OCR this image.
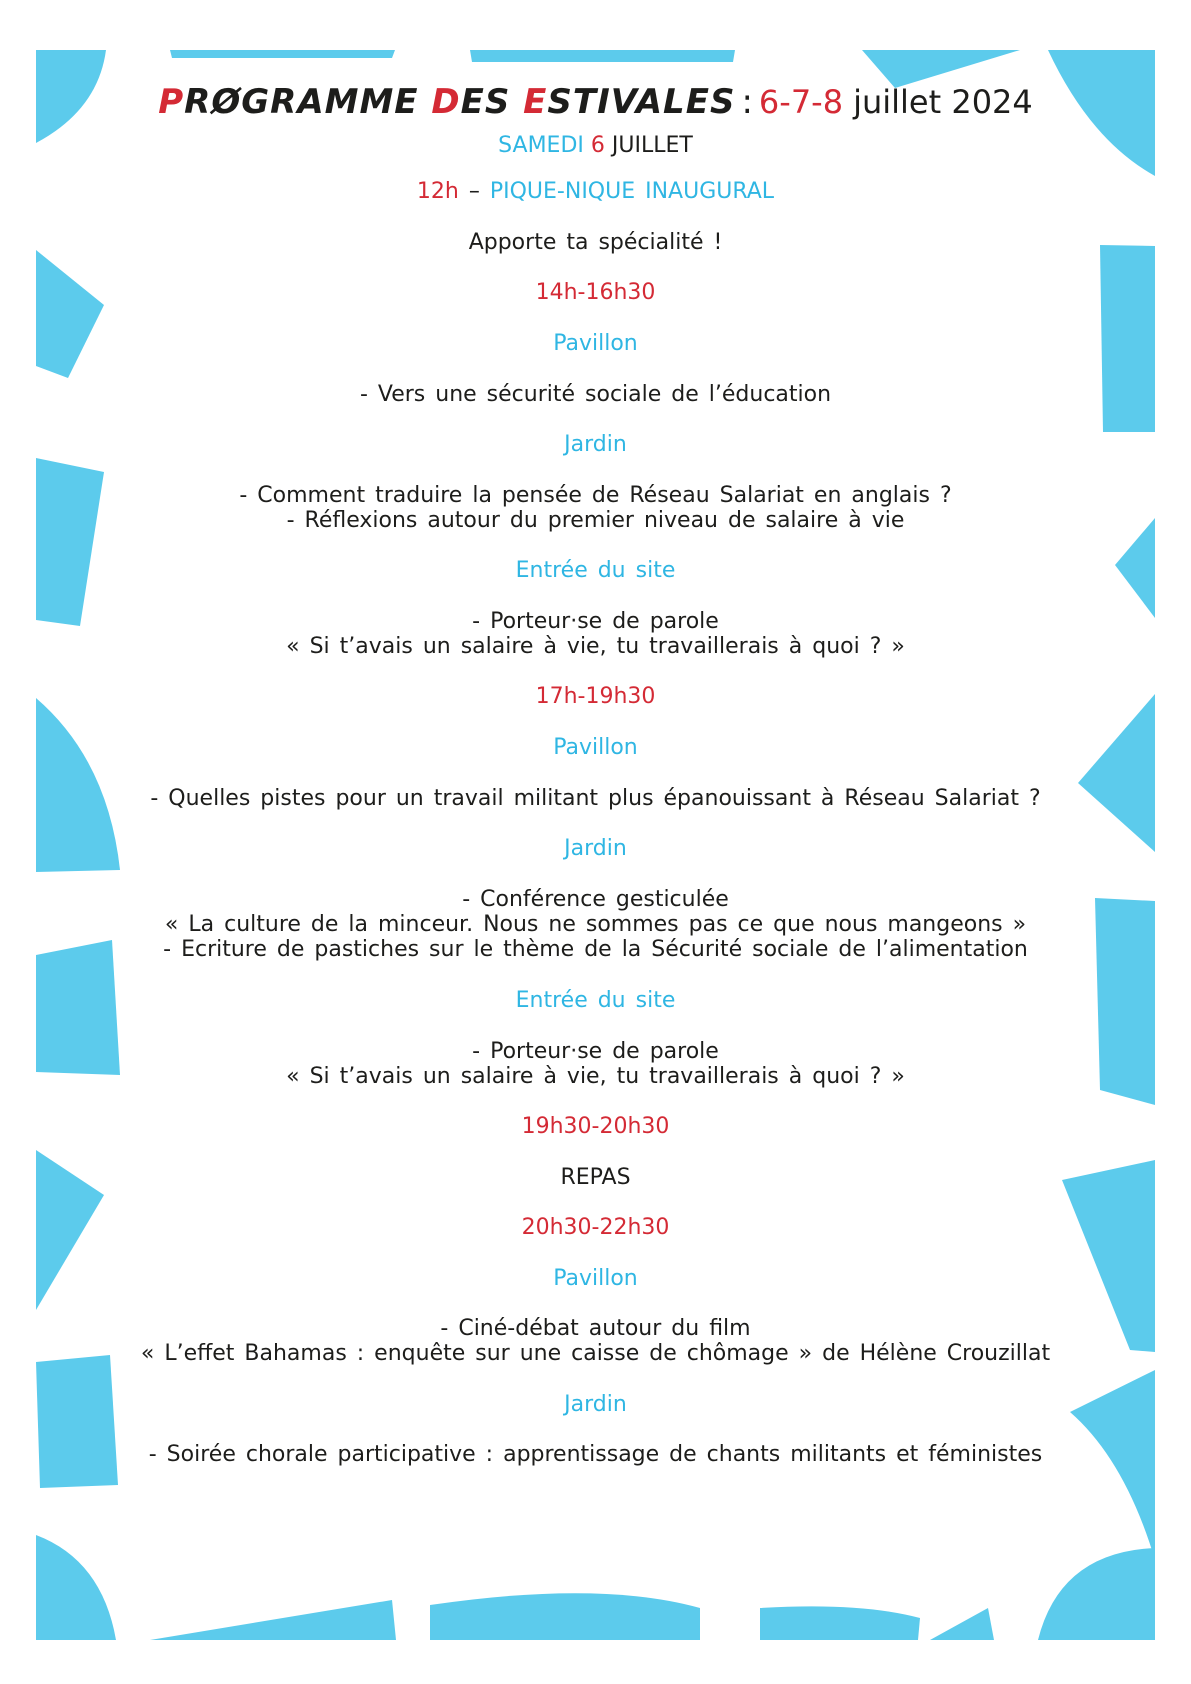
PRØGRAMME DES ESTIVALES : 6-7-8 juillet 2024
SAMEDI 6 JUILLET
12h – PIQUE-NIQUE INAUGURAL
Apporte ta spécialité !
14h-16h30
Pavillon
- Vers une sécurité sociale de l’éducation
Jardin
- Comment traduire la pensée de Réseau Salariat en anglais ?
- Réflexions autour du premier niveau de salaire à vie
Entrée du site
- Porteur·se de parole
« Si t’avais un salaire à vie, tu travaillerais à quoi ? »
17h-19h30
Pavillon
- Quelles pistes pour un travail militant plus épanouissant à Réseau Salariat ?
Jardin
- Conférence gesticulée
« La culture de la minceur. Nous ne sommes pas ce que nous mangeons »
- Ecriture de pastiches sur le thème de la Sécurité sociale de l’alimentation
Entrée du site
- Porteur·se de parole
« Si t’avais un salaire à vie, tu travaillerais à quoi ? »
19h30-20h30
REPAS
20h30-22h30
Pavillon
- Ciné-débat autour du film
« L’effet Bahamas : enquête sur une caisse de chômage » de Hélène Crouzillat
Jardin
- Soirée chorale participative : apprentissage de chants militants et féministes
